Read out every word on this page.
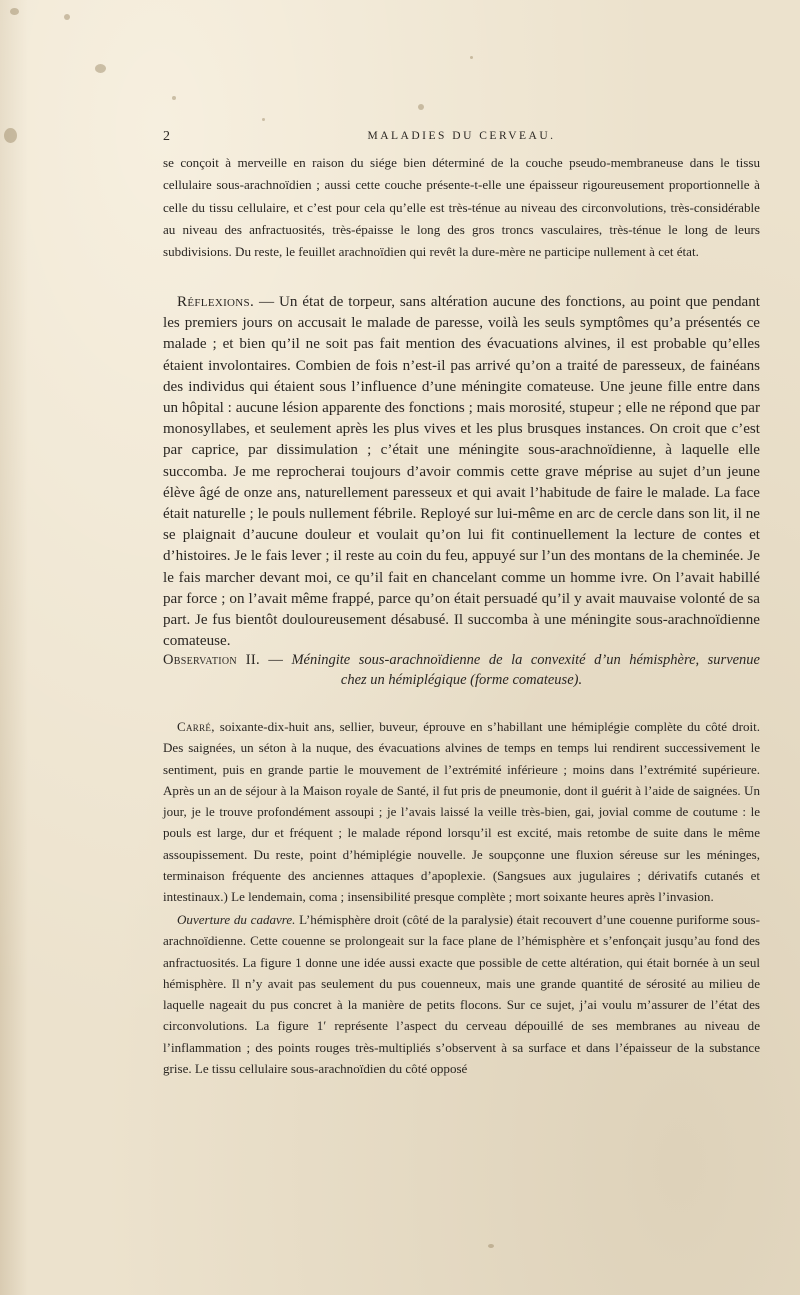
2	MALADIES DU CERVEAU.

se conçoit à merveille en raison du siége bien déterminé de la couche pseudo-membraneuse dans le tissu cellulaire sous-arachnoïdien ; aussi cette couche présente-t-elle une épaisseur rigoureusement proportionnelle à celle du tissu cellulaire, et c’est pour cela qu’elle est très-ténue au niveau des circonvolutions, très-considérable au niveau des anfractuosités, très-épaisse le long des gros troncs vasculaires, très-ténue le long de leurs subdivisions. Du reste, le feuillet arachnoïdien qui revêt la dure-mère ne participe nullement à cet état.

Réflexions. — Un état de torpeur, sans altération aucune des fonctions, au point que pendant les premiers jours on accusait le malade de paresse, voilà les seuls symptômes qu’a présentés ce malade ; et bien qu’il ne soit pas fait mention des évacuations alvines, il est probable qu’elles étaient involontaires. Combien de fois n’est-il pas arrivé qu’on a traité de paresseux, de fainéans des individus qui étaient sous l’influence d’une méningite comateuse. Une jeune fille entre dans un hôpital : aucune lésion apparente des fonctions ; mais morosité, stupeur ; elle ne répond que par monosyllabes, et seulement après les plus vives et les plus brusques instances. On croit que c’est par caprice, par dissimulation ; c’était une méningite sous-arachnoïdienne, à laquelle elle succomba. Je me reprocherai toujours d’avoir commis cette grave méprise au sujet d’un jeune élève âgé de onze ans, naturellement paresseux et qui avait l’habitude de faire le malade. La face était naturelle ; le pouls nullement fébrile. Reployé sur lui-même en arc de cercle dans son lit, il ne se plaignait d’aucune douleur et voulait qu’on lui fit continuellement la lecture de contes et d’histoires. Je le fais lever ; il reste au coin du feu, appuyé sur l’un des montans de la cheminée. Je le fais marcher devant moi, ce qu’il fait en chancelant comme un homme ivre. On l’avait habillé par force ; on l’avait même frappé, parce qu’on était persuadé qu’il y avait mauvaise volonté de sa part. Je fus bientôt douloureusement désabusé. Il succomba à une méningite sous-arachnoïdienne comateuse.

Observation II. — Méningite sous-arachnoïdienne de la convexité d’un hémisphère, survenue
chez un hémiplégique (forme comateuse).

Carré, soixante-dix-huit ans, sellier, buveur, éprouve en s’habillant une hémiplégie complète du côté droit. Des saignées, un séton à la nuque, des évacuations alvines de temps en temps lui rendirent successivement le sentiment, puis en grande partie le mouvement de l’extrémité inférieure ; moins dans l’extrémité supérieure. Après un an de séjour à la Maison royale de Santé, il fut pris de pneumonie, dont il guérit à l’aide de saignées. Un jour, je le trouve profondément assoupi ; je l’avais laissé la veille très-bien, gai, jovial comme de coutume : le pouls est large, dur et fréquent ; le malade répond lorsqu’il est excité, mais retombe de suite dans le même assoupissement. Du reste, point d’hémiplégie nouvelle. Je soupçonne une fluxion séreuse sur les méninges, terminaison fréquente des anciennes attaques d’apoplexie. (Sangsues aux jugulaires ; dérivatifs cutanés et intestinaux.) Le lendemain, coma ; insensibilité presque complète ; mort soixante heures après l’invasion.

Ouverture du cadavre. L’hémisphère droit (côté de la paralysie) était recouvert d’une couenne puriforme sous-arachnoïdienne. Cette couenne se prolongeait sur la face plane de l’hémisphère et s’enfonçait jusqu’au fond des anfractuosités. La figure 1 donne une idée aussi exacte que possible de cette altération, qui était bornée à un seul hémisphère. Il n’y avait pas seulement du pus couenneux, mais une grande quantité de sérosité au milieu de laquelle nageait du pus concret à la manière de petits flocons. Sur ce sujet, j’ai voulu m’assurer de l’état des circonvolutions. La figure 1′ représente l’aspect du cerveau dépouillé de ses membranes au niveau de l’inflammation ; des points rouges très-multipliés s’observent à sa surface et dans l’épaisseur de la substance grise. Le tissu cellulaire sous-arachnoïdien du côté opposé
